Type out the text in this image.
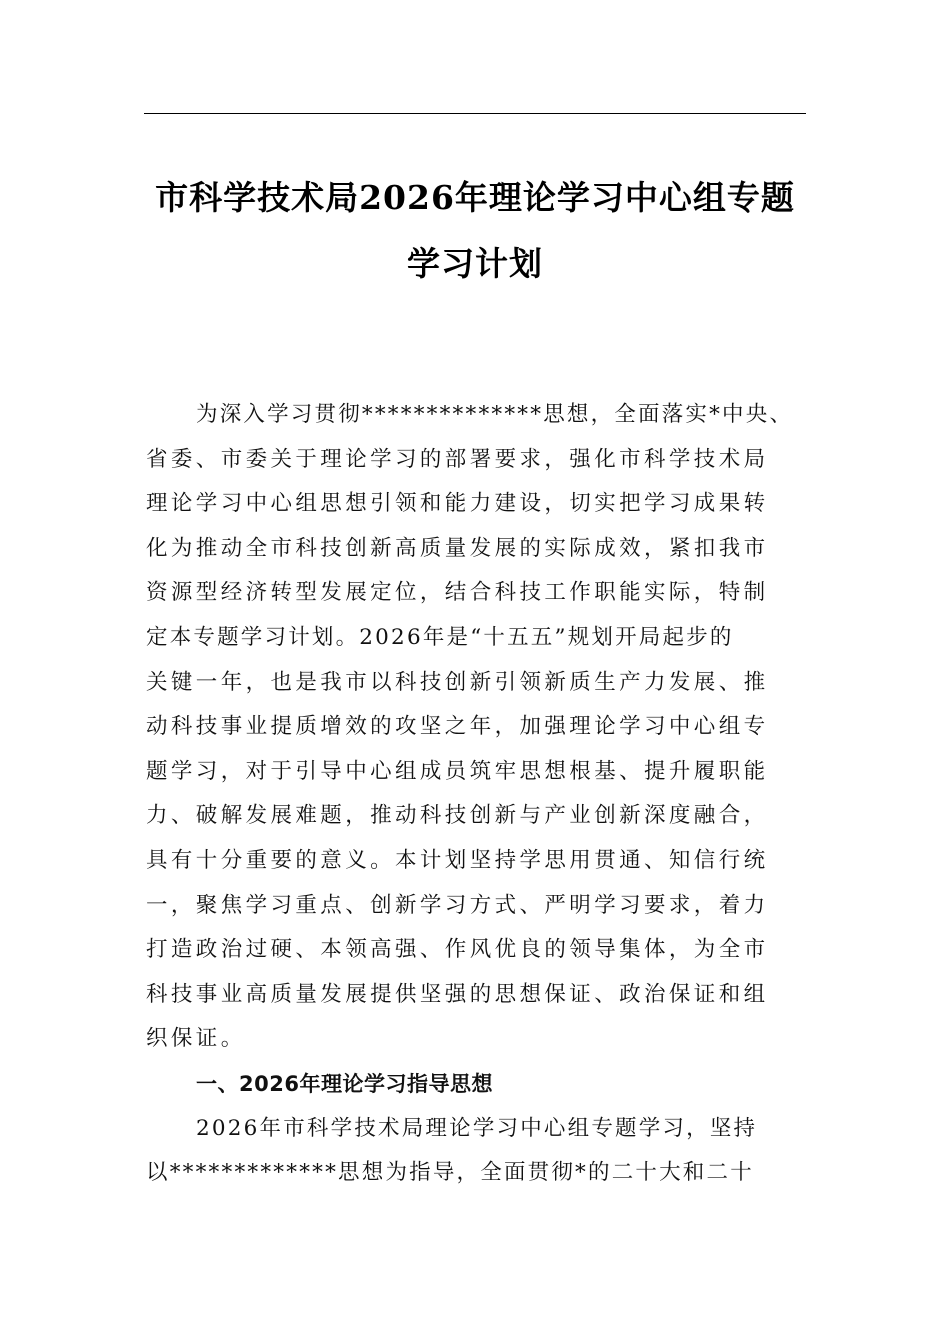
市科学技术局2026年理论学习中心组专题
学习计划
为深入学习贯彻**************思想，全面落实*中央、
省委、市委关于理论学习的部署要求，强化市科学技术局
理论学习中心组思想引领和能力建设，切实把学习成果转
化为推动全市科技创新高质量发展的实际成效，紧扣我市
资源型经济转型发展定位，结合科技工作职能实际，特制
定本专题学习计划。2026年是“十五五”规划开局起步的
关键一年，也是我市以科技创新引领新质生产力发展、推
动科技事业提质增效的攻坚之年，加强理论学习中心组专
题学习，对于引导中心组成员筑牢思想根基、提升履职能
力、破解发展难题，推动科技创新与产业创新深度融合，
具有十分重要的意义。本计划坚持学思用贯通、知信行统
一，聚焦学习重点、创新学习方式、严明学习要求，着力
打造政治过硬、本领高强、作风优良的领导集体，为全市
科技事业高质量发展提供坚强的思想保证、政治保证和组
织保证。
一、2026年理论学习指导思想
2026年市科学技术局理论学习中心组专题学习，坚持
以*************思想为指导，全面贯彻*的二十大和二十
